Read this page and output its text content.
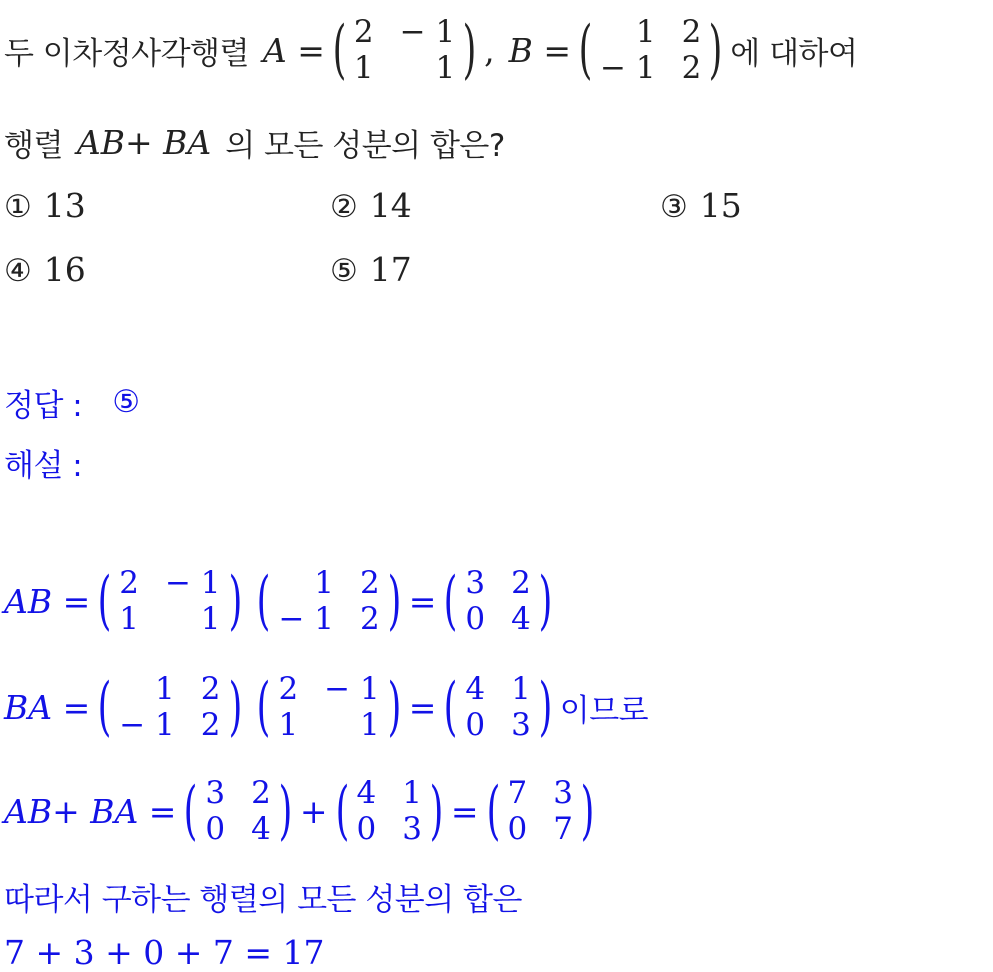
두 이차정사각행렬 A = ( 2 − 1
1	1 ) , B = (	1 2
− 1 2 ) 에 대하여
행렬 AB+ BA 의 모든 성분의 합은?
① 13	② 14	③ 15
④ 16	⑤ 17
정답 : ⑤
해설 :
AB = ( 2 − 1
1	1 ) (	1 2
− 1 2 ) = ( 3 2
0 4 )
BA = (	1 2
− 1 2 ) ( 2 − 1
1	1 ) = ( 4 1
0 3 ) 이므로
AB+ BA = ( 3 2
0 4 ) + ( 4 1
0 3 ) = ( 7 3
0 7 )
따라서 구하는 행렬의 모든 성분의 합은
7 + 3 + 0 + 7 = 17
